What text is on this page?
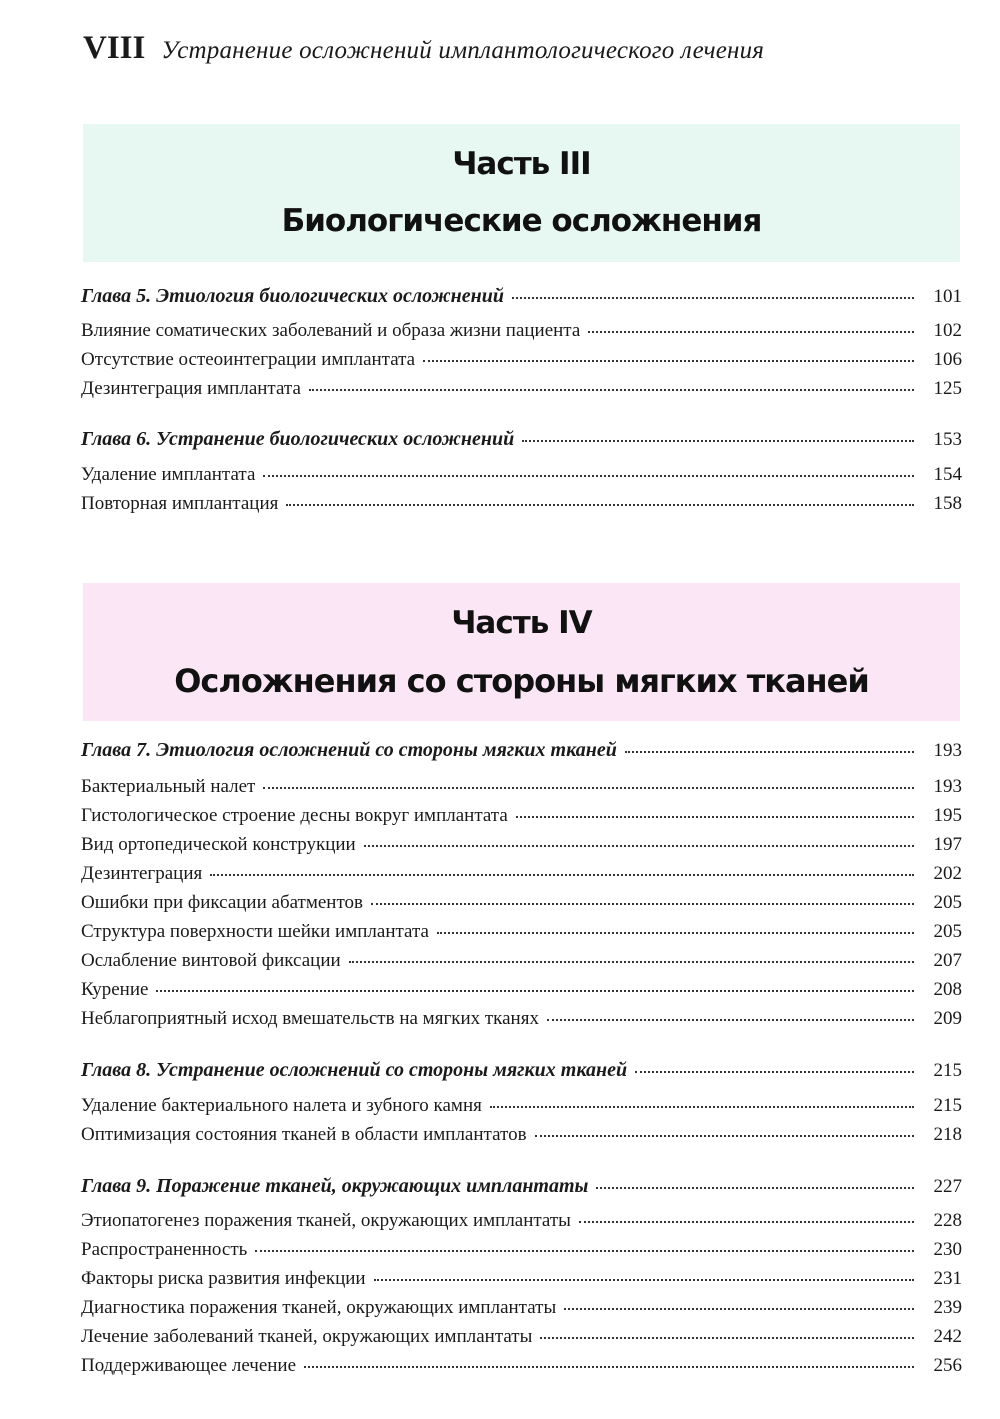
VIII Устранение осложнений имплантологического лечения
Часть III
Биологические осложнения
Глава 5. Этиология биологических осложнений	101
Влияние соматических заболеваний и образа жизни пациента	102
Отсутствие остеоинтеграции имплантата	106
Дезинтеграция имплантата	125
Глава 6. Устранение биологических осложнений	153
Удаление имплантата	154
Повторная имплантация	158
Часть IV
Осложнения со стороны мягких тканей
Глава 7. Этиология осложнений со стороны мягких тканей	193
Бактериальный налет	193
Гистологическое строение десны вокруг имплантата	195
Вид ортопедической конструкции	197
Дезинтеграция	202
Ошибки при фиксации абатментов	205
Структура поверхности шейки имплантата	205
Ослабление винтовой фиксации	207
Курение	208
Неблагоприятный исход вмешательств на мягких тканях	209
Глава 8. Устранение осложнений со стороны мягких тканей	215
Удаление бактериального налета и зубного камня	215
Оптимизация состояния тканей в области имплантатов	218
Глава 9. Поражение тканей, окружающих имплантаты	227
Этиопатогенез поражения тканей, окружающих имплантаты	228
Распространенность	230
Факторы риска развития инфекции	231
Диагностика поражения тканей, окружающих имплантаты	239
Лечение заболеваний тканей, окружающих имплантаты	242
Поддерживающее лечение	256
